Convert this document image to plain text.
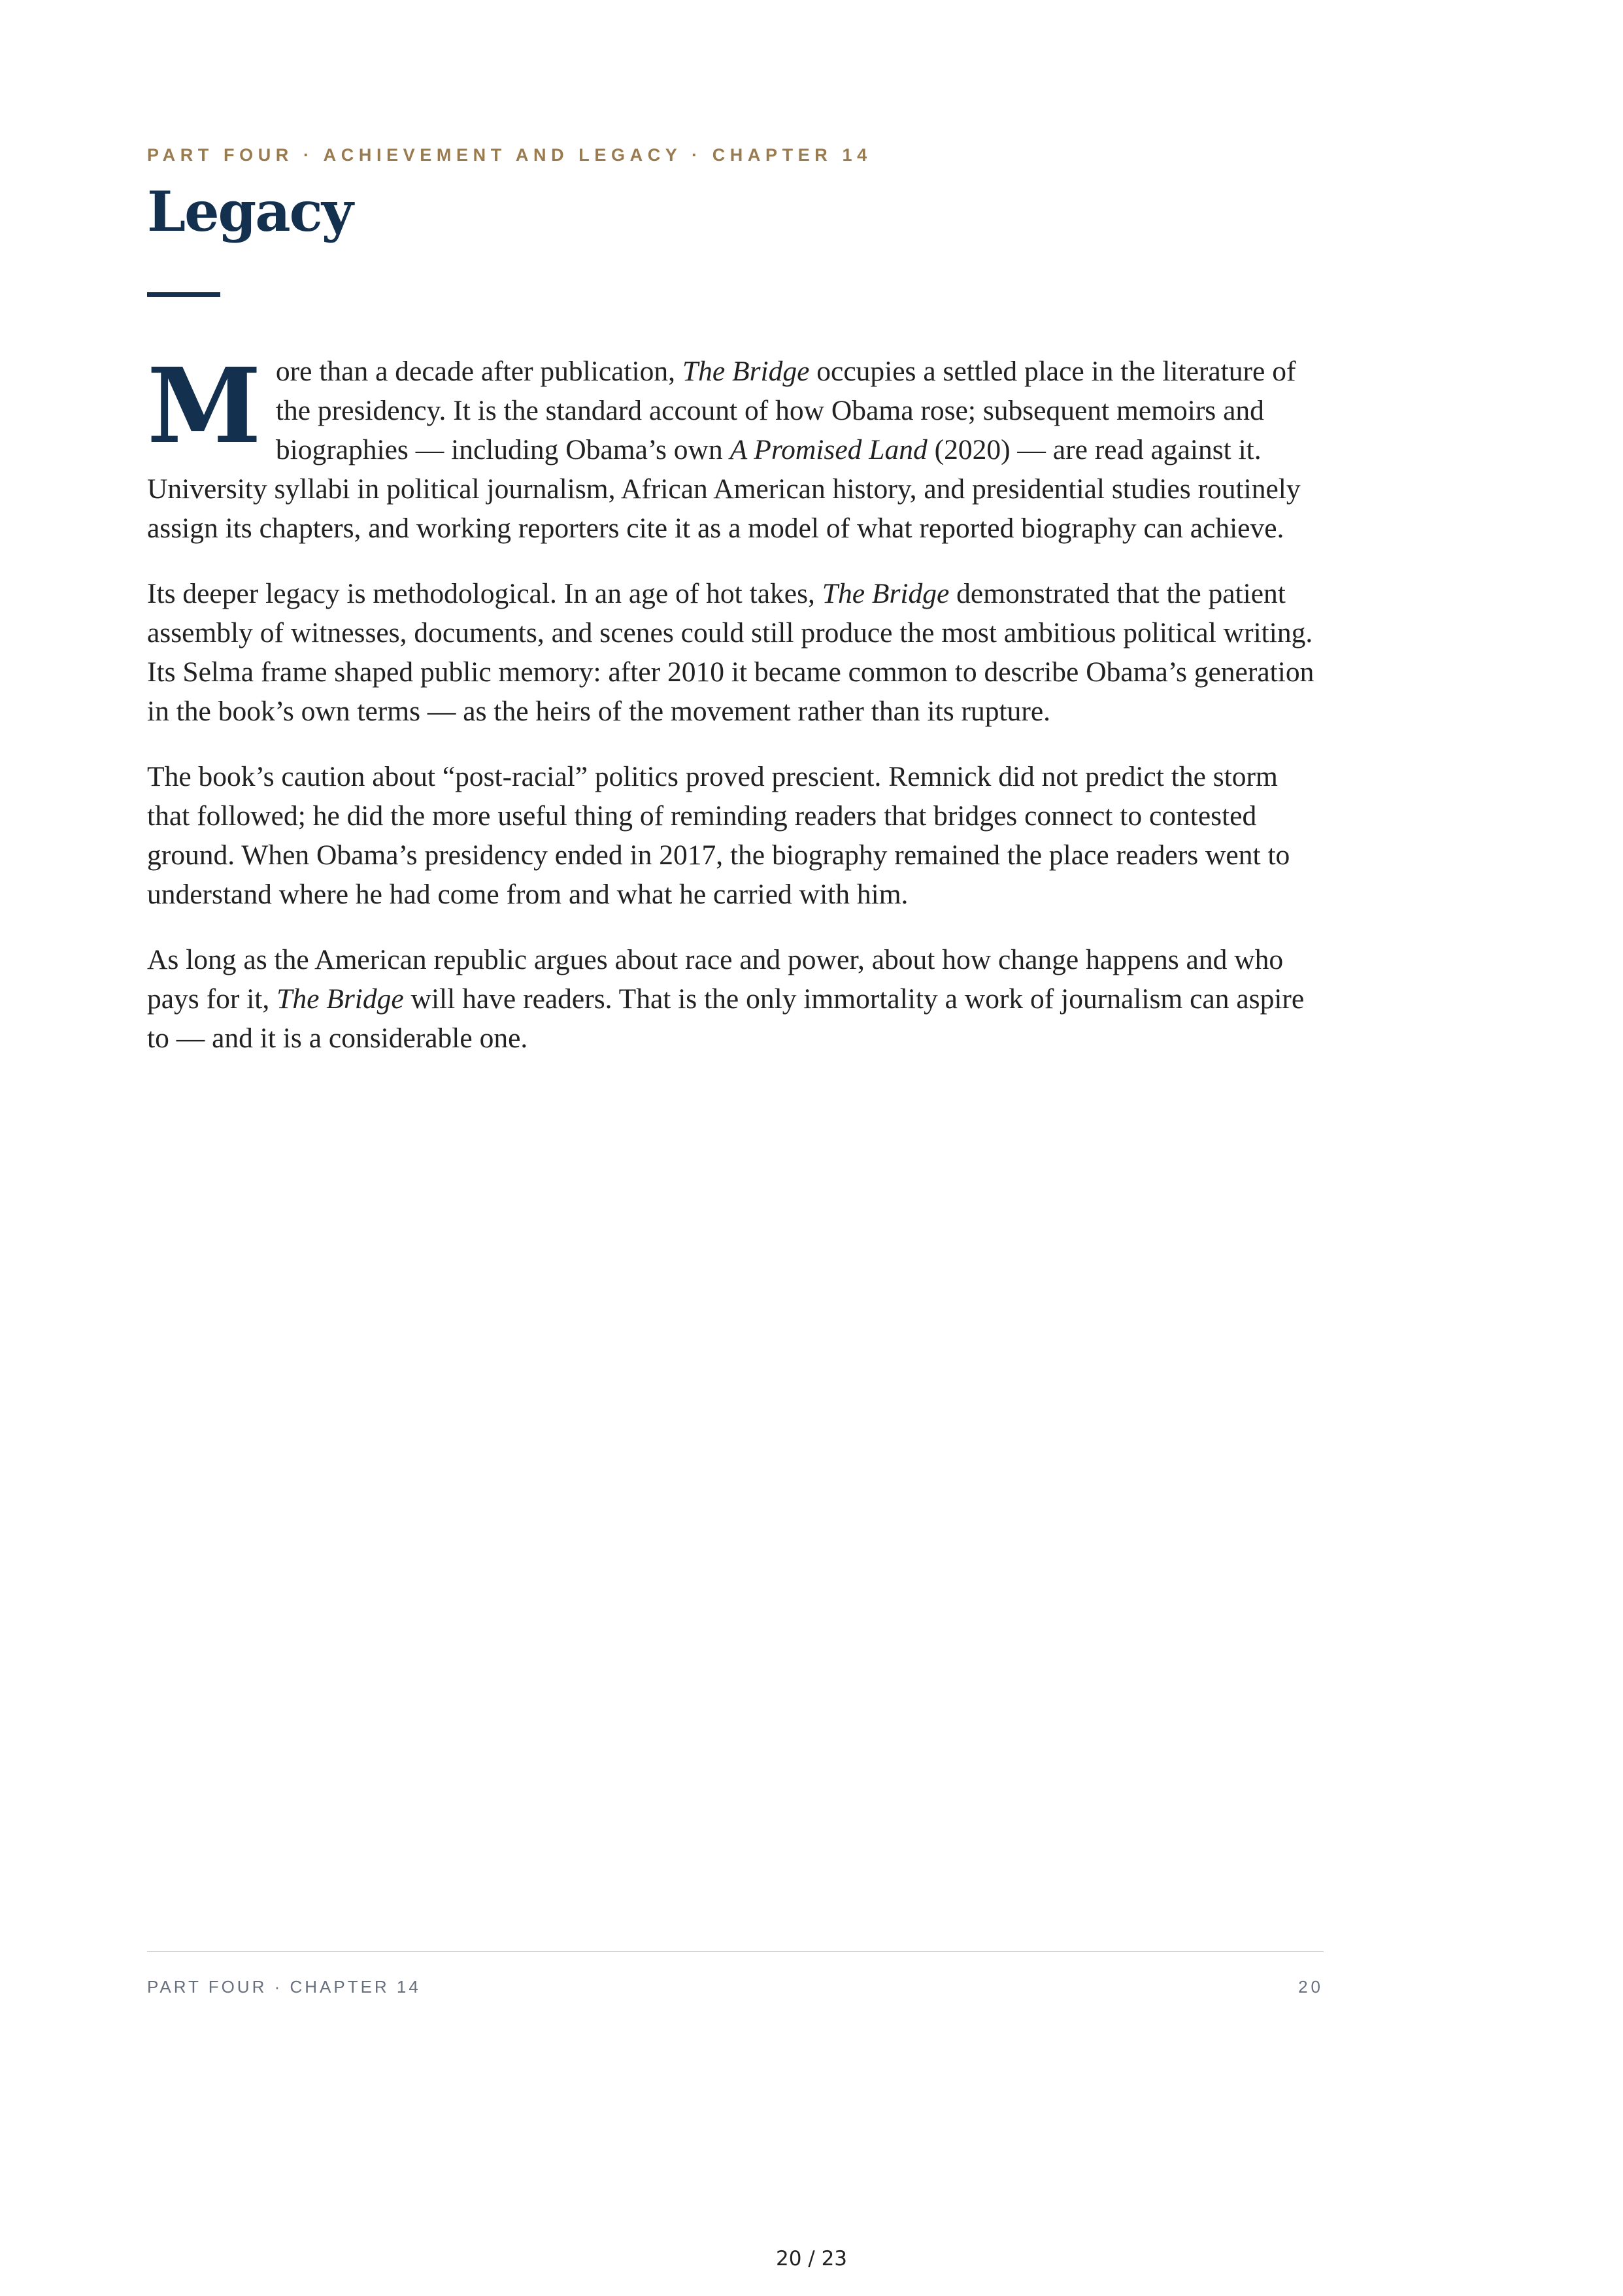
PART FOUR · ACHIEVEMENT AND LEGACY · CHAPTER 14
Legacy

More than a decade after publication, The Bridge occupies a settled place in the literature of the presidency. It is the standard account of how Obama rose; subsequent memoirs and biographies — including Obama’s own A Promised Land (2020) — are read against it. University syllabi in political journalism, African American history, and presidential studies routinely assign its chapters, and working reporters cite it as a model of what reported biography can achieve.

Its deeper legacy is methodological. In an age of hot takes, The Bridge demonstrated that the patient assembly of witnesses, documents, and scenes could still produce the most ambitious political writing. Its Selma frame shaped public memory: after 2010 it became common to describe Obama’s generation in the book’s own terms — as the heirs of the movement rather than its rupture.

The book’s caution about “post-racial” politics proved prescient. Remnick did not predict the storm that followed; he did the more useful thing of reminding readers that bridges connect to contested ground. When Obama’s presidency ended in 2017, the biography remained the place readers went to understand where he had come from and what he carried with him.

As long as the American republic argues about race and power, about how change happens and who pays for it, The Bridge will have readers. That is the only immortality a work of journalism can aspire to — and it is a considerable one.

PART FOUR · CHAPTER 14	20
20 / 23
